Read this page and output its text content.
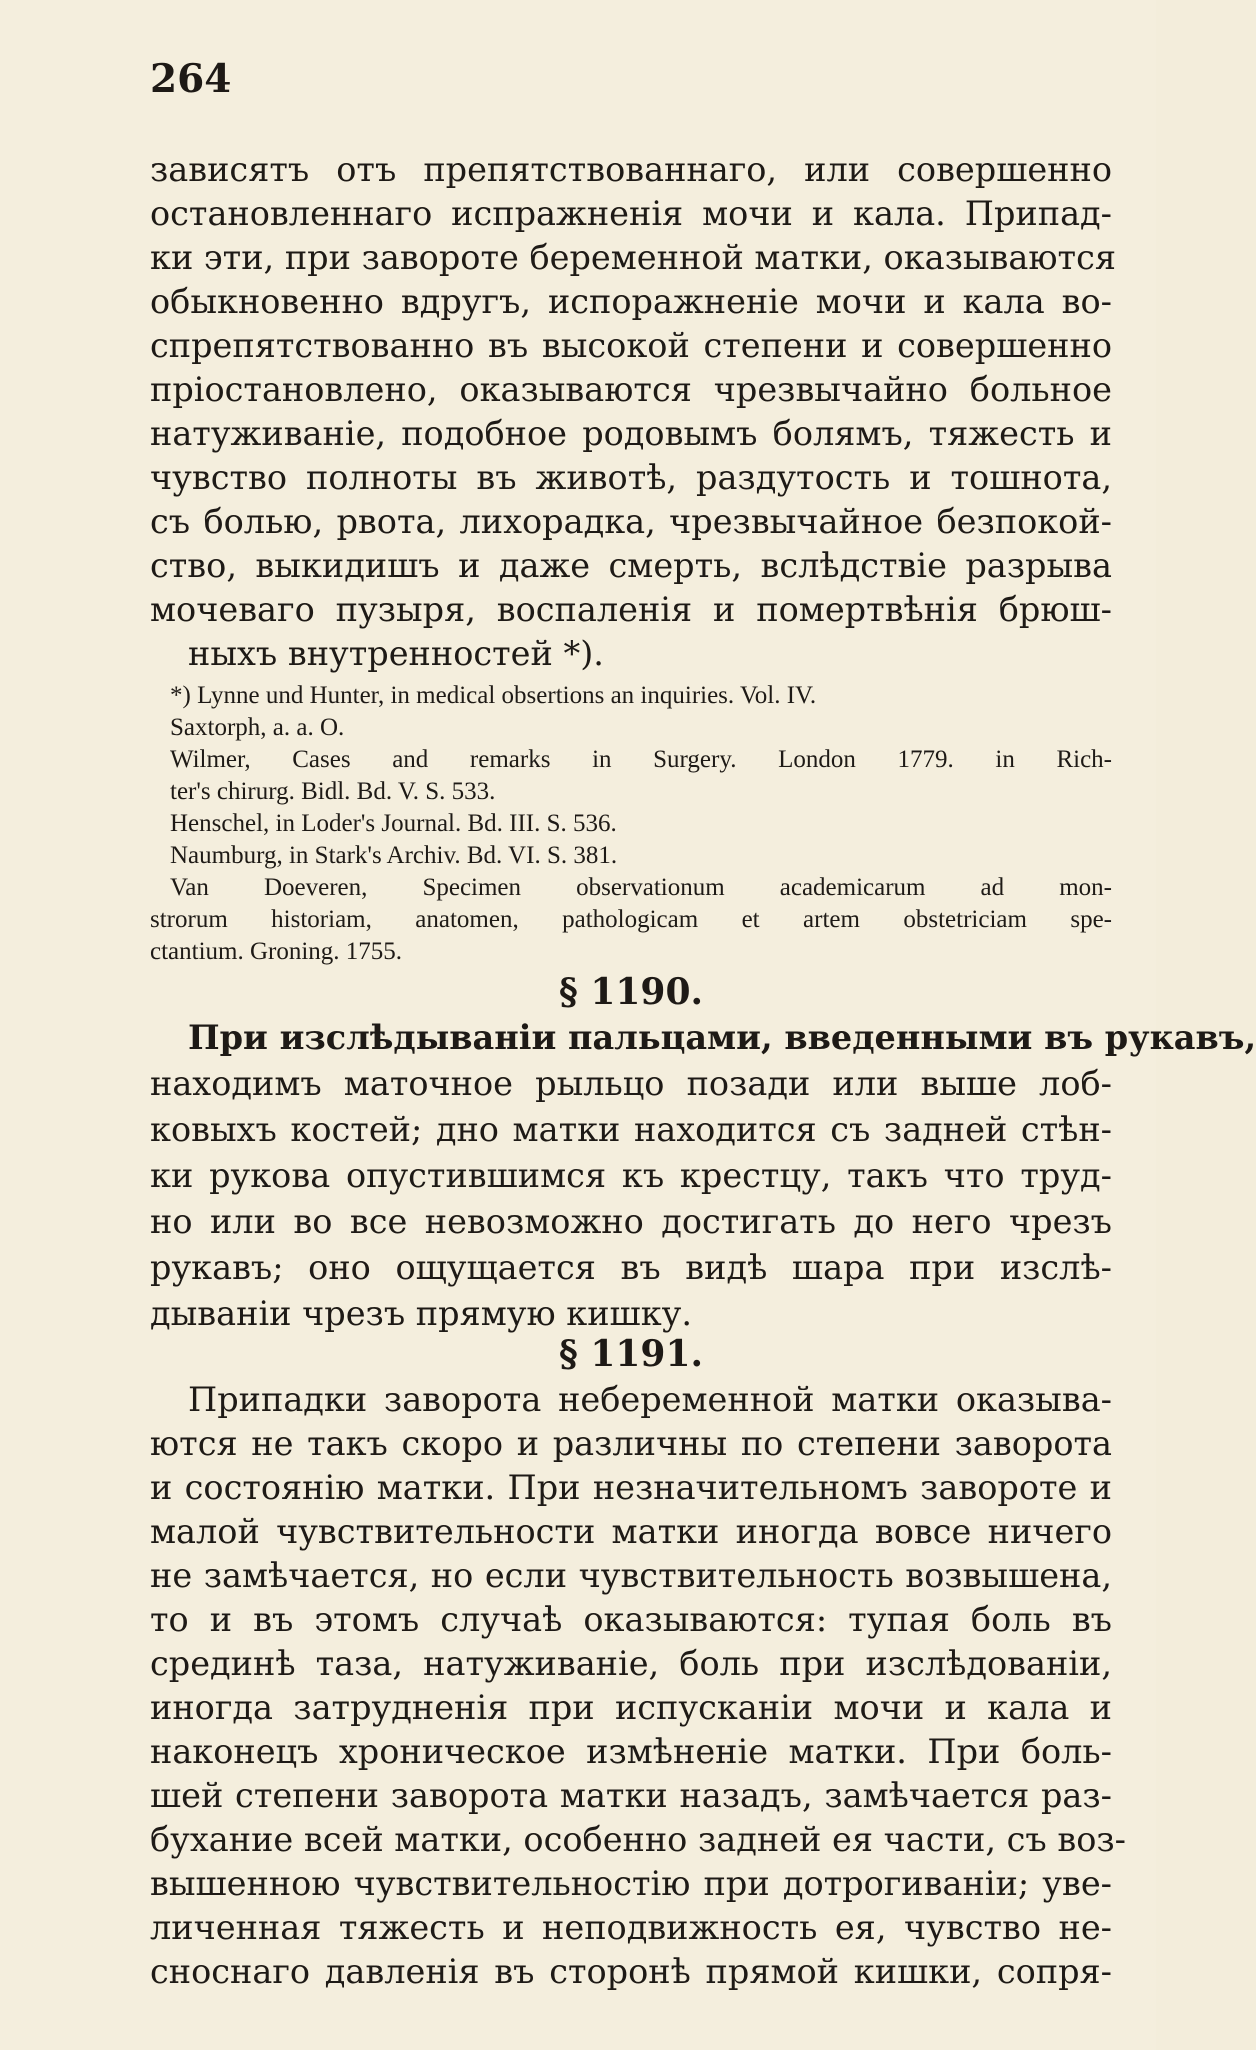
264
зависятъ отъ препятствованнаго, или совершенно
остановленнаго испражненія мочи и кала. Припад-
ки эти, при завороте беременной матки, оказываются
обыкновенно вдругъ, испоражненіе мочи и кала во-
спрепятствованно въ высокой степени и совершенно
пріостановлено, оказываются чрезвычайно больное
натуживаніе, подобное родовымъ болямъ, тяжесть и
чувство полноты въ животѣ, раздутость и тошнота,
съ болью, рвота, лихорадка, чрезвычайное безпокой-
ство, выкидишъ и даже смерть, вслѣдствіе разрыва
мочеваго пузыря, воспаленія и помертвѣнія брюш-
ныхъ внутренностей *).
*) Lynne und Hunter, in medical obsertions an inquiries. Vol. IV.
Saxtorph, a. a. O.
Wilmer, Cases and remarks in Surgery. London 1779. in Rich-
ter's chirurg. Bidl. Bd. V. S. 533.
Henschel, in Loder's Journal. Bd. III. S. 536.
Naumburg, in Stark's Archiv. Bd. VI. S. 381.
Van Doeveren, Specimen observationum academicarum ad mon-
strorum historiam, anatomen, pathologicam et artem obstetriciam spe-
ctantium. Groning. 1755.
§ 1190.
При изслѣдываніи пальцами, введенными въ рукавъ,
находимъ маточное рыльцо позади или выше лоб-
ковыхъ костей; дно матки находится съ задней стѣн-
ки рукова опустившимся къ крестцу, такъ что труд-
но или во все невозможно достигать до него чрезъ
рукавъ; оно ощущается въ видѣ шара при изслѣ-
дываніи чрезъ прямую кишку.
§ 1191.
Припадки заворота небеременной матки оказыва-
ются не такъ скоро и различны по степени заворота
и состоянію матки. При незначительномъ завороте и
малой чувствительности матки иногда вовсе ничего
не замѣчается, но если чувствительность возвышена,
то и въ этомъ случаѣ оказываются: тупая боль въ
срединѣ таза, натуживаніе, боль при изслѣдованіи,
иногда затрудненія при испусканіи мочи и кала и
наконецъ хроническое измѣненіе матки. При боль-
шей степени заворота матки назадъ, замѣчается раз-
бухание всей матки, особенно задней ея части, съ воз-
вышенною чувствительностію при дотрогиваніи; уве-
личенная тяжесть и неподвижность ея, чувство не-
сноснаго давленія въ сторонѣ прямой кишки, сопря-
